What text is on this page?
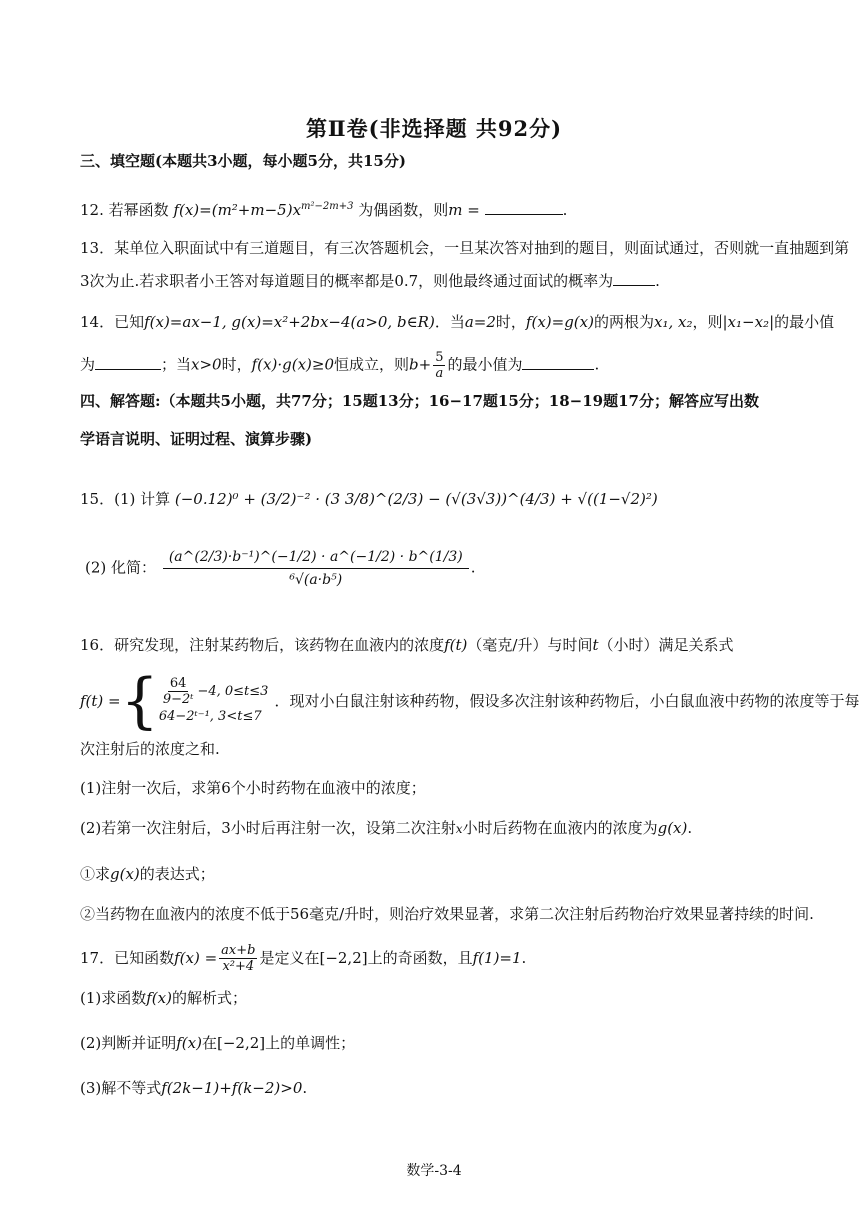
第Ⅱ卷(非选择题 共92分)
三、填空题(本题共3小题，每小题5分，共15分)
12. 若幂函数 $f(x)=(m^2+m-5)x^{m^2-2m+3}$ 为偶函数，则m =	.
13．某单位入职面试中有三道题目，有三次答题机会，一旦某次答对抽到的题目，则面试通过，否则就一直抽题到第
3次为止.若求职者小王答对每道题目的概率都是0.7，则他最终通过面试的概率为	.
14．已知f(x)=ax−1, g(x)=x²+2bx−4(a>0, b∈R)．当a=2时，f(x)=g(x)的两根为x₁, x₂，则|x₁−x₂|的最小值
为	；当x>0时，f(x)·g(x)≥0恒成立，则$b+ \frac{5}{a}$ 的最小值为	.
四、解答题:（本题共5小题，共77分；15题13分；16−17题15分；18−19题17分；解答应写出数
学语言说明、证明过程、演算步骤)
15．(1) 计算 (−0.12)⁰ + (3/2)⁻² · (3 3/8)^(2/3) − (√(3√3))^(4/3) + √((1−√2)²)
(2) 化简： $\frac{\text{(a\textasciicircum{}(2/3)·b⁻¹)\textasciicircum{}(−1/2) · a\textasciicircum{}(−1/2) · b\textasciicircum{}(1/3)}}{\text{⁶√(a·b⁵)}}$ .
16．研究发现，注射某药物后，该药物在血液内的浓度f(t)（毫克/升）与时间t（小时）满足关系式
f(t) = { $\frac{64}{\text{9−2ᵗ}} -4$, 0≤t≤3
64−2ᵗ⁻¹, 3<t≤7
．现对小白鼠注射该种药物，假设多次注射该种药物后，小白鼠血液中药物的浓度等于每
次注射后的浓度之和.
(1)注射一次后，求第6个小时药物在血液中的浓度；
(2)若第一次注射后，3小时后再注射一次，设第二次注射x小时后药物在血液内的浓度为g(x).
①求g(x)的表达式；
②当药物在血液内的浓度不低于56毫克/升时，则治疗效果显著，求第二次注射后药物治疗效果显著持续的时间.
17．已知函数 $f(x) = \frac{ax+b}{\text{x²+4}}$ 是定义在 [−2,2] 上的奇函数，且 f(1)=1 .
(1)求函数f(x)的解析式；
(2)判断并证明f(x)在[−2,2]上的单调性；
(3)解不等式f(2k−1)+f(k−2)>0.
数学-3-4
